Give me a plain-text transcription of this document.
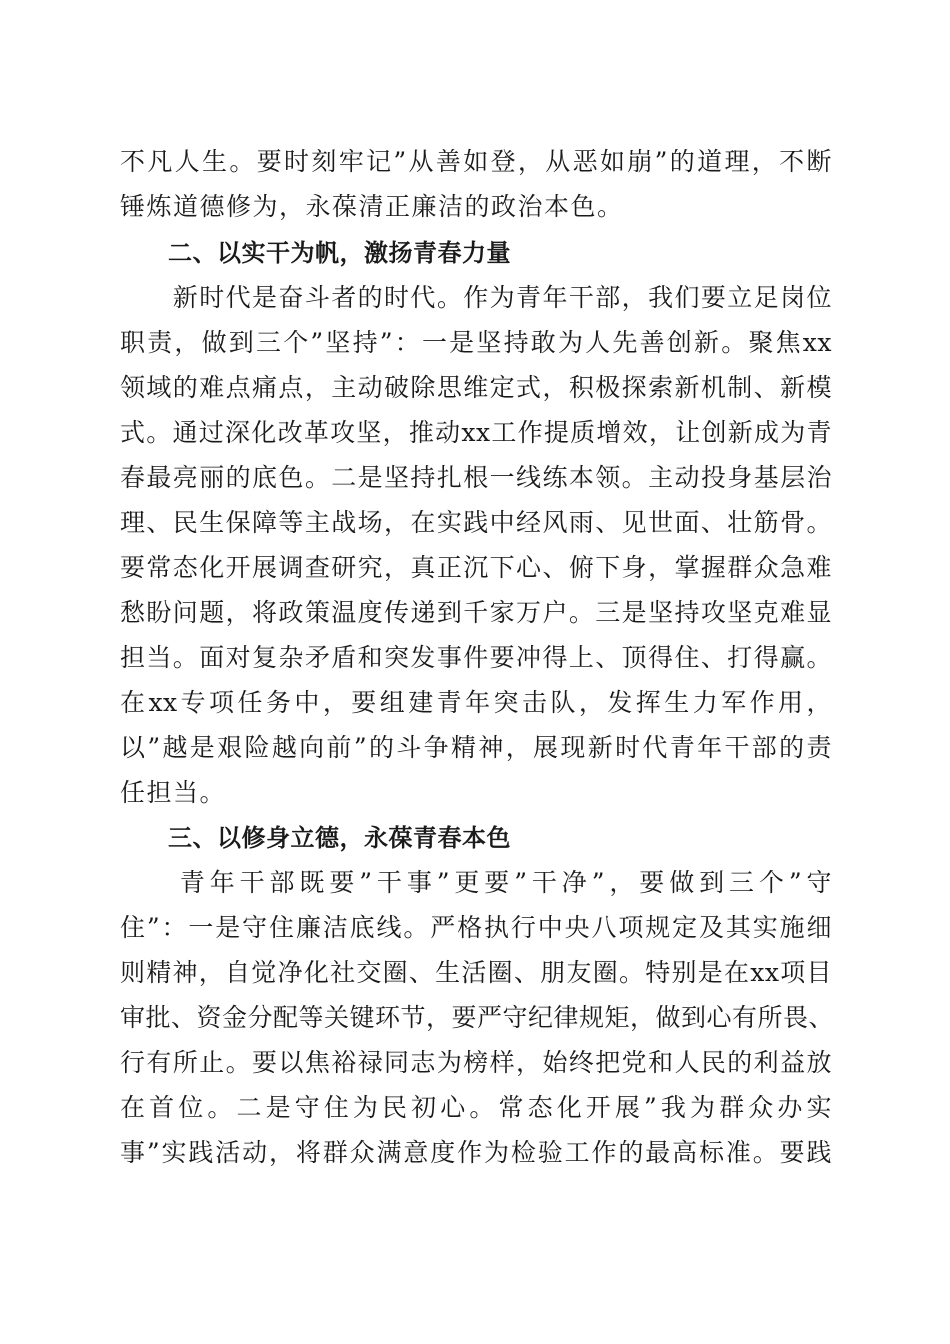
不凡人生。要时刻牢记”从善如登，从恶如崩”的道理，不断
锤炼道德修为，永葆清正廉洁的政治本色。
二、以实干为帆，激扬青春力量
　　新时代是奋斗者的时代。作为青年干部，我们要立足岗位
职责，做到三个”坚持”：一是坚持敢为人先善创新。聚焦xx
领域的难点痛点，主动破除思维定式，积极探索新机制、新模
式。通过深化改革攻坚，推动xx工作提质增效，让创新成为青
春最亮丽的底色。二是坚持扎根一线练本领。主动投身基层治
理、民生保障等主战场，在实践中经风雨、见世面、壮筋骨。
要常态化开展调查研究，真正沉下心、俯下身，掌握群众急难
愁盼问题，将政策温度传递到千家万户。三是坚持攻坚克难显
担当。面对复杂矛盾和突发事件要冲得上、顶得住、打得赢。
在xx专项任务中，要组建青年突击队，发挥生力军作用，
以”越是艰险越向前”的斗争精神，展现新时代青年干部的责
任担当。
三、以修身立德，永葆青春本色
　　青年干部既要”干事”更要”干净”，要做到三个”守
住”：一是守住廉洁底线。严格执行中央八项规定及其实施细
则精神，自觉净化社交圈、生活圈、朋友圈。特别是在xx项目
审批、资金分配等关键环节，要严守纪律规矩，做到心有所畏、
行有所止。要以焦裕禄同志为榜样，始终把党和人民的利益放
在首位。二是守住为民初心。常态化开展”我为群众办实
事”实践活动，将群众满意度作为检验工作的最高标准。要践
